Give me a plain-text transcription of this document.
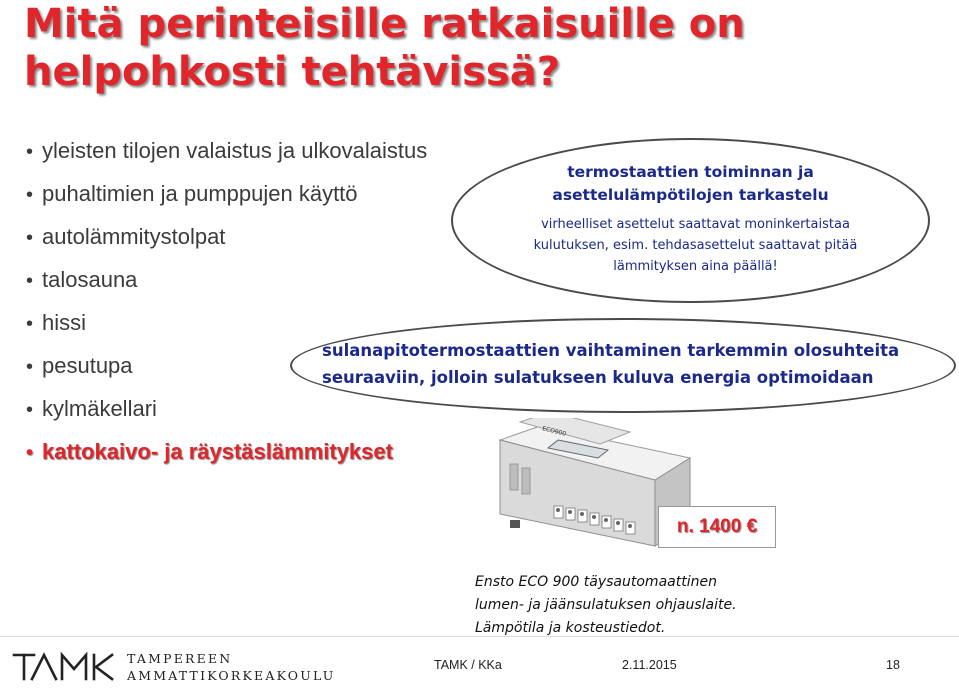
Mitä perinteisille ratkaisuille on helpohkosti tehtävissä?
• yleisten tilojen valaistus ja ulkovalaistus
• puhaltimien ja pumppujen käyttö
• autolämmitystolpat
• talosauna
• hissi
• pesutupa
• kylmäkellari
• kattokaivo- ja räystäslämmitykset
termostaattien toiminnan ja
asettelulämpötilojen tarkastelu
virheelliset asettelut saattavat moninkertaistaa
kulutuksen, esim. tehdasasettelut saattavat pitää
lämmityksen aina päällä!
sulanapitotermostaattien vaihtaminen tarkemmin olosuhteita
seuraaviin, jolloin sulatukseen kuluva energia optimoidaan
ECO900
n. 1400 €
Ensto ECO 900 täysautomaattinen
lumen- ja jäänsulatuksen ohjauslaite.
Lämpötila ja kosteustiedot.
TAMPEREEN
AMMATTIKORKEAKOULU
TAMK / KKa	2.11.2015	18
